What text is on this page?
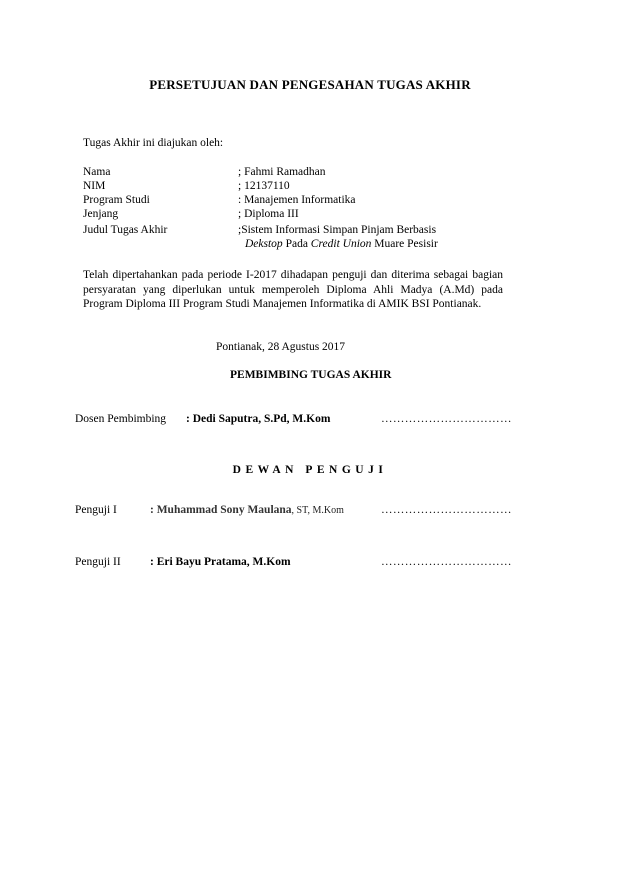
PERSETUJUAN DAN PENGESAHAN TUGAS AKHIR
Tugas Akhir ini diajukan oleh:
Nama	; Fahmi Ramadhan
NIM	; 12137110
Program Studi	: Manajemen Informatika
Jenjang	; Diploma III
Judul Tugas Akhir	;Sistem Informasi Simpan Pinjam Berbasis
Dekstop Pada Credit Union Muare Pesisir
Telah dipertahankan pada periode I-2017 dihadapan penguji dan diterima sebagai bagian persyaratan yang diperlukan untuk memperoleh Diploma Ahli Madya (A.Md) pada Program Diploma III Program Studi Manajemen Informatika di AMIK BSI Pontianak.
Pontianak, 28 Agustus 2017
PEMBIMBING TUGAS AKHIR
Dosen Pembimbing : Dedi Saputra, S.Pd, M.Kom	……………………………
DEWAN PENGUJI
Penguji I	: Muhammad Sony Maulana, ST, M.Kom	……………………………
Penguji II	: Eri Bayu Pratama, M.Kom	……………………………
